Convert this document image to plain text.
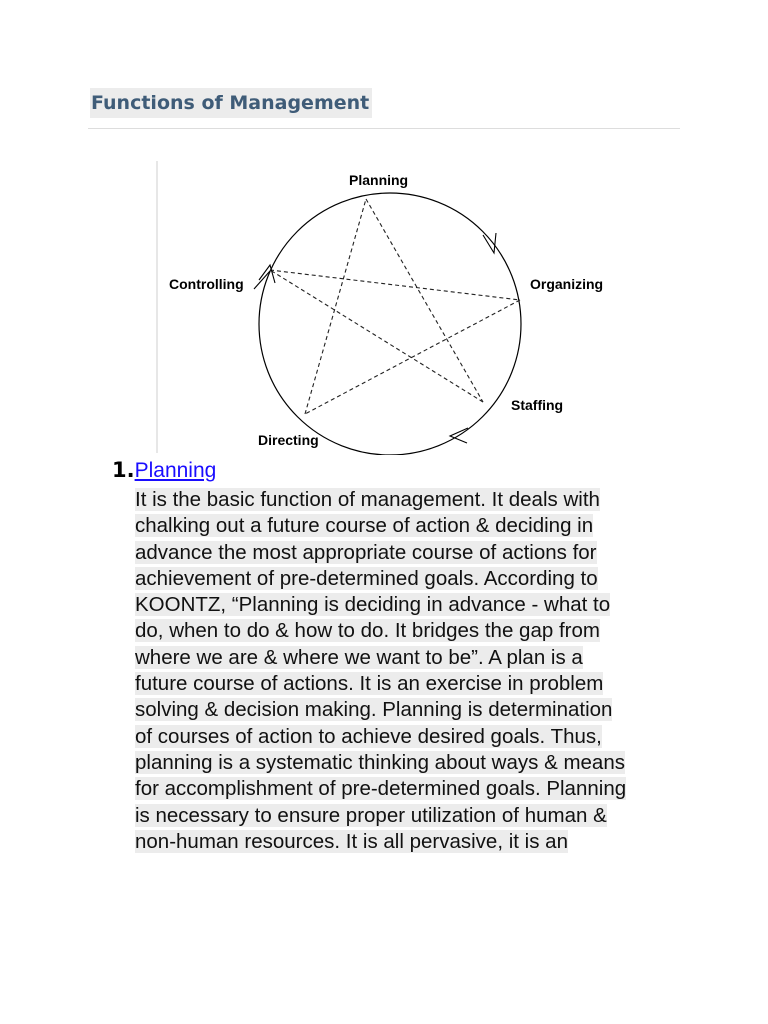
Functions of Management
Planning
Organizing
Staffing
Directing
Controlling
1.Planning

It is the basic function of management. It deals with
chalking out a future course of action & deciding in
advance the most appropriate course of actions for
achievement of pre-determined goals. According to
KOONTZ, “Planning is deciding in advance - what to
do, when to do & how to do. It bridges the gap from
where we are & where we want to be”. A plan is a
future course of actions. It is an exercise in problem
solving & decision making. Planning is determination
of courses of action to achieve desired goals. Thus,
planning is a systematic thinking about ways & means
for accomplishment of pre-determined goals. Planning
is necessary to ensure proper utilization of human &
non-human resources. It is all pervasive, it is an
